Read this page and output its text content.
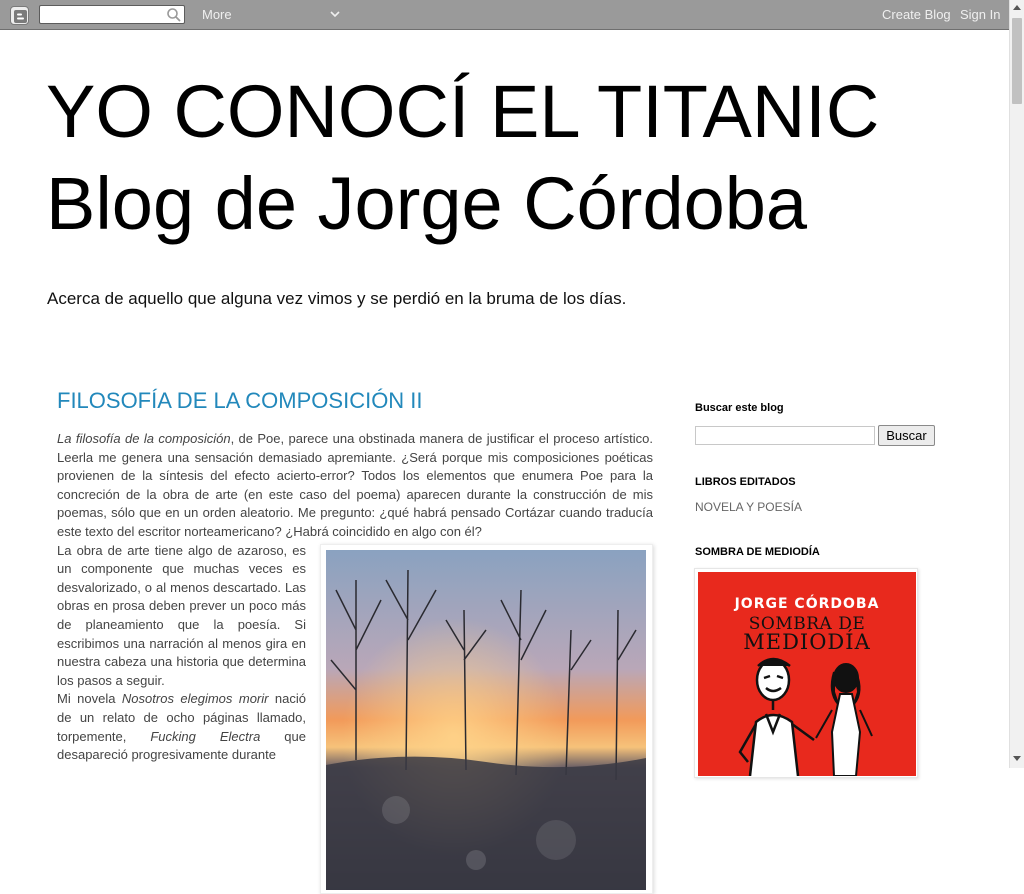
More	Create Blog Sign In
YO CONOCÍ EL TITANIC
Blog de Jorge Córdoba
Acerca de aquello que alguna vez vimos y se perdió en la bruma de los días.
FILOSOFÍA DE LA COMPOSICIÓN II

La filosofía de la composición, de Poe, parece una obstinada manera de justificar el proceso artístico. Leerla me genera una sensación demasiado apremiante. ¿Será porque mis composiciones poéticas provienen de la síntesis del efecto acierto-error? Todos los elementos que enumera Poe para la concreción de la obra de arte (en este caso del poema) aparecen durante la construcción de mis poemas, sólo que en un orden aleatorio. Me pregunto: ¿qué habrá pensado Cortázar cuando traducía este texto del escritor norteamericano? ¿Habrá coincidido en algo con él?

La obra de arte tiene algo de azaroso, es un componente que muchas veces es desvalorizado, o al menos descartado. Las obras en prosa deben prever un poco más de planeamiento que la poesía. Si escribimos una narración al menos gira en nuestra cabeza una historia que determina los pasos a seguir.

Mi novela Nosotros elegimos morir nació de un relato de ocho páginas llamado, torpemente, Fucking Electra que desapareció progresivamente durante

Buscar este blog
Buscar
LIBROS EDITADOS
NOVELA Y POESÍA
SOMBRA DE MEDIODÍA
JORGE CÓRDOBA
SOMBRA DE
MEDIODÍA
